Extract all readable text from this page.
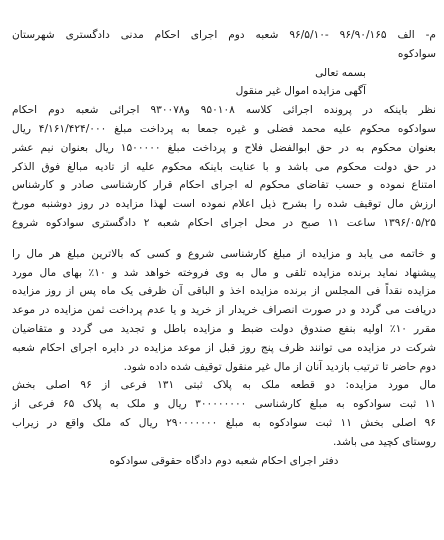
م- الف ۹۶/۹۰/۱۶۵ -۹۶/۵/۱۰ شعبه دوم اجرای احکام مدنی دادگستری شهرستان
سوادکوه
بسمه تعالی
آگهی مزایده اموال غیر منقول
نظر باینکه در پرونده اجرائی کلاسه ۹۵۰۱۰۸ و۹۳۰۰۷۸ اجرائی شعبه دوم احکام
سوادکوه محکوم علیه محمد فضلی و غیره جمعا به پرداخت مبلغ ۴/۱۶۱/۴۲۴/۰۰۰ ریال
بعنوان محکوم به در حق ابوالفضل فلاح و پرداخت مبلغ ۱۵۰۰۰۰۰ ریال بعنوان نیم عشر
در حق دولت محکوم می باشد و با عنایت باینکه محکوم علیه از تادیه مبالغ فوق الذکر
امتناع نموده و حسب تقاضای محکوم له اجرای احکام قرار کارشناسی صادر و کارشناس
ارزش مال توقیف شده را بشرح ذیل اعلام نموده است لهذا مزایده در روز دوشنبه مورخ
۱۳۹۶/۰۵/۲۵ ساعت ۱۱ صبح در محل اجرای احکام شعبه ۲ دادگستری سوادکوه شروع
و خاتمه می یابد و مزایده از مبلغ کارشناسی شروع و کسی که بالاترین مبلغ هر مال را
پیشنهاد نماید برنده مزایده تلقی و مال به وی فروخته خواهد شد و ۱۰٪ بهای مال مورد
مزایده نقداً فی المجلس از برنده مزایده اخذ و الباقی آن ظرفی یک ماه پس از روز مزایده
دریافت می گردد و در صورت انصراف خریدار از خرید و یا عدم پرداخت ثمن مزایده در موعد
مقرر ۱۰٪ اولیه بنفع صندوق دولت ضبط و مزایده باطل و تجدید می گردد و متقاضیان
شرکت در مزایده می توانند ظرف پنج روز قبل از موعد مزایده در دایره اجرای احکام شعبه
دوم حاضر تا ترتیب بازدید آنان از مال غیر منقول توقیف شده داده شود.
مال مورد مزایده: دو قطعه ملک به پلاک ثبتی ۱۳۱ فرعی از ۹۶ اصلی بخش
۱۱ ثبت سوادکوه به مبلغ کارشناسی ۳۰۰۰۰۰۰۰۰ ریال و ملک به پلاک ۶۵ فرعی از
۹۶ اصلی بخش ۱۱ ثبت سوادکوه به مبلغ ۲۹۰۰۰۰۰۰۰ ریال که ملک واقع در زیراب
روستای کچید می باشد.
دفتر اجرای احکام شعبه دوم دادگاه حقوقی سوادکوه
